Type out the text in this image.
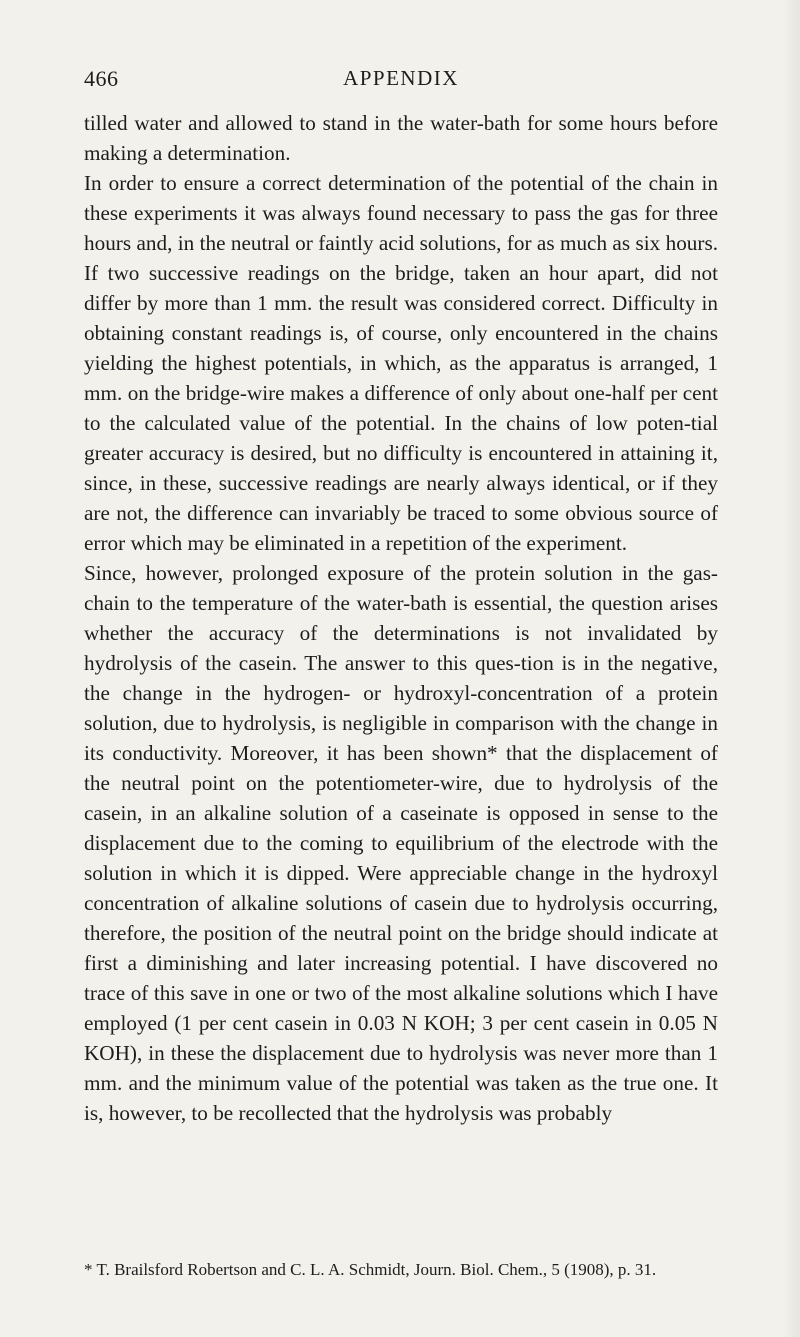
466	APPENDIX

tilled water and allowed to stand in the water-bath for some hours before making a determination.

In order to ensure a correct determination of the potential of the chain in these experiments it was always found necessary to pass the gas for three hours and, in the neutral or faintly acid solutions, for as much as six hours. If two successive readings on the bridge, taken an hour apart, did not differ by more than 1 mm. the result was considered correct. Difficulty in obtaining constant readings is, of course, only encountered in the chains yielding the highest potentials, in which, as the apparatus is arranged, 1 mm. on the bridge-wire makes a difference of only about one-half per cent to the calculated value of the potential. In the chains of low poten-tial greater accuracy is desired, but no difficulty is encountered in attaining it, since, in these, successive readings are nearly always identical, or if they are not, the difference can invariably be traced to some obvious source of error which may be eliminated in a repetition of the experiment.

Since, however, prolonged exposure of the protein solution in the gas-chain to the temperature of the water-bath is essential, the question arises whether the accuracy of the determinations is not invalidated by hydrolysis of the casein. The answer to this ques-tion is in the negative, the change in the hydrogen- or hydroxyl-concentration of a protein solution, due to hydrolysis, is negligible in comparison with the change in its conductivity. Moreover, it has been shown* that the displacement of the neutral point on the potentiometer-wire, due to hydrolysis of the casein, in an alkaline solution of a caseinate is opposed in sense to the displacement due to the coming to equilibrium of the electrode with the solution in which it is dipped. Were appreciable change in the hydroxyl concentration of alkaline solutions of casein due to hydrolysis occurring, therefore, the position of the neutral point on the bridge should indicate at first a diminishing and later increasing potential. I have discovered no trace of this save in one or two of the most alkaline solutions which I have employed (1 per cent casein in 0.03 N KOH; 3 per cent casein in 0.05 N KOH), in these the displacement due to hydrolysis was never more than 1 mm. and the minimum value of the potential was taken as the true one. It is, however, to be recollected that the hydrolysis was probably

* T. Brailsford Robertson and C. L. A. Schmidt, Journ. Biol. Chem., 5 (1908), p. 31.
